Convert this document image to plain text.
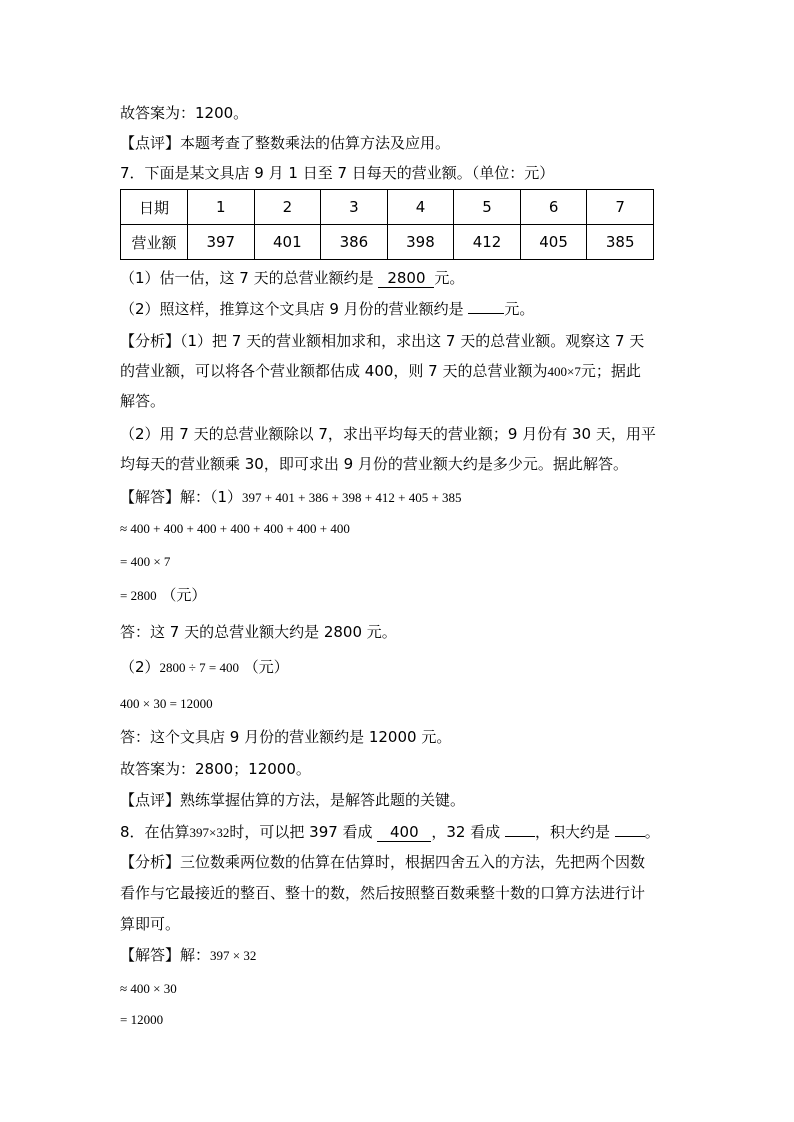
故答案为：1200。
【点评】本题考查了整数乘法的估算方法及应用。
7．下面是某文具店 9 月 1 日至 7 日每天的营业额。（单位：元）
日期	1	2	3	4	5	6	7
营业额	397	401	386	398	412	405	385
（1）估一估，这 7 天的总营业额约是 2800 元。
（2）照这样，推算这个文具店 9 月份的营业额约是 元。
【分析】（1）把 7 天的营业额相加求和，求出这 7 天的总营业额。观察这 7 天
的营业额，可以将各个营业额都估成 400，则 7 天的总营业额为400×7元；据此
解答。
（2）用 7 天的总营业额除以 7，求出平均每天的营业额；9 月份有 30 天，用平
均每天的营业额乘 30，即可求出 9 月份的营业额大约是多少元。据此解答。
【解答】解：（1）397 + 401 + 386 + 398 + 412 + 405 + 385
≈ 400 + 400 + 400 + 400 + 400 + 400 + 400
= 400 × 7
= 2800 （元）
答：这 7 天的总营业额大约是 2800 元。
（2）2800 ÷ 7 = 400 （元）
400 × 30 = 12000
答：这个文具店 9 月份的营业额约是 12000 元。
故答案为：2800；12000。
【点评】熟练掌握估算的方法，是解答此题的关键。
8．在估算397×32时，可以把 397 看成 400 ，32 看成 ，积大约是 。
【分析】三位数乘两位数的估算在估算时，根据四舍五入的方法，先把两个因数
看作与它最接近的整百、整十的数，然后按照整百数乘整十数的口算方法进行计
算即可。
【解答】解：397 × 32
≈ 400 × 30
= 12000
